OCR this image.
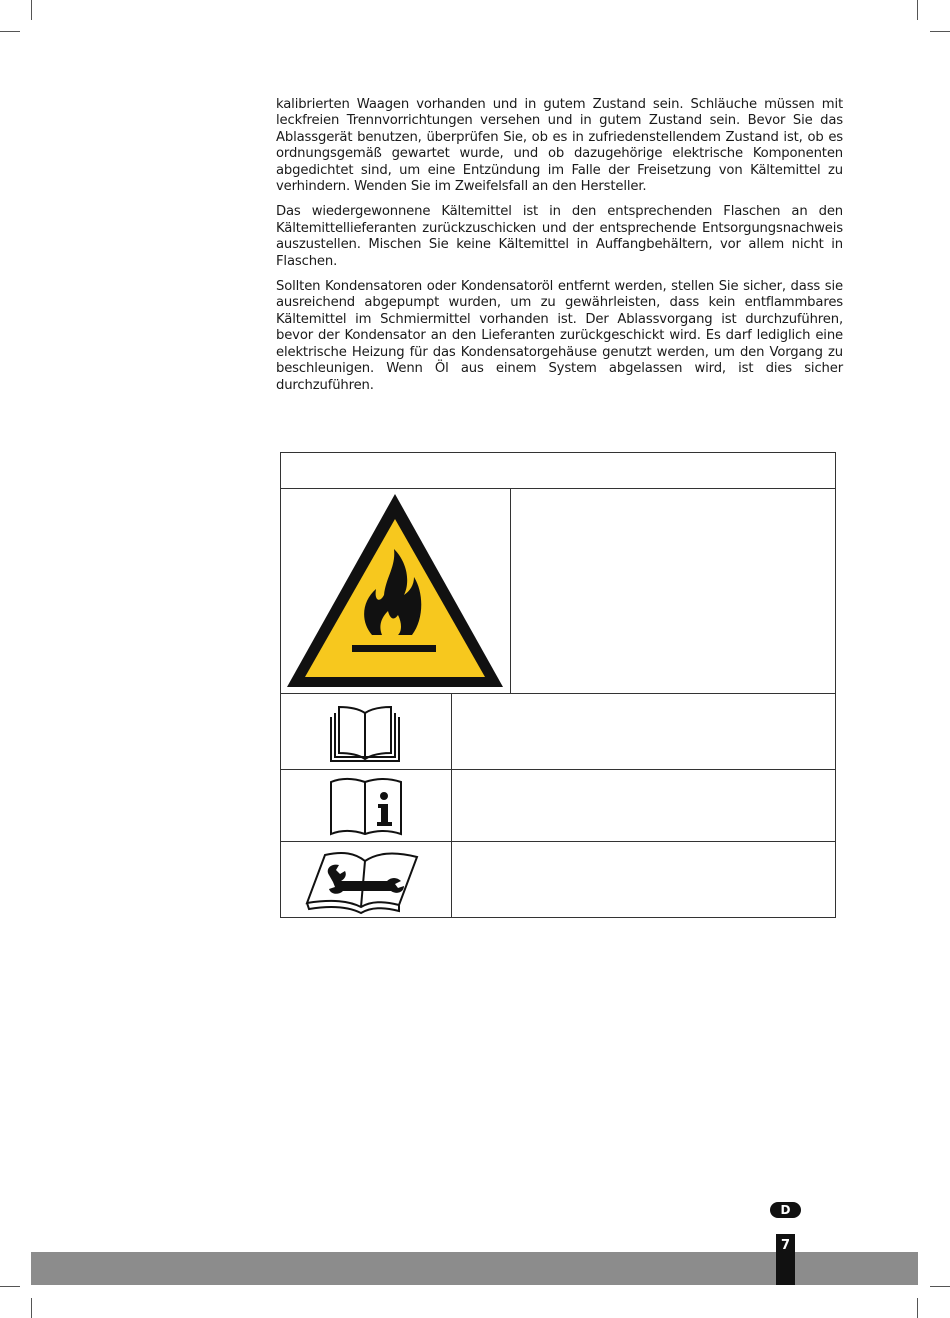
kalibrierten Waagen vorhanden und in gutem Zustand sein. Schläuche müssen mit leckfreien Trennvorrichtungen versehen und in gutem Zustand sein. Bevor Sie das Ablassgerät benutzen, überprüfen Sie, ob es in zufriedenstellendem Zustand ist, ob es ordnungsgemäß gewartet wurde, und ob dazugehörige elektrische Komponenten abgedichtet sind, um eine Entzündung im Falle der Freisetzung von Kältemittel zu verhindern. Wenden Sie im Zweifelsfall an den Hersteller.

Das wiedergewonnene Kältemittel ist in den entsprechenden Flaschen an den Kältemittellieferanten zurückzuschicken und der entsprechende Entsorgungsnachweis auszustellen. Mischen Sie keine Kältemittel in Auffangbehältern, vor allem nicht in Flaschen.

Sollten Kondensatoren oder Kondensatoröl entfernt werden, stellen Sie sicher, dass sie ausreichend abgepumpt wurden, um zu gewährleisten, dass kein entflammbares Kältemittel im Schmiermittel vorhanden ist. Der Ablassvorgang ist durchzuführen, bevor der Kondensator an den Lieferanten zurückgeschickt wird. Es darf lediglich eine elektrische Heizung für das Kondensatorgehäuse genutzt werden, um den Vorgang zu beschleunigen. Wenn Öl aus einem System abgelassen wird, ist dies sicher durchzuführen.

D
7
